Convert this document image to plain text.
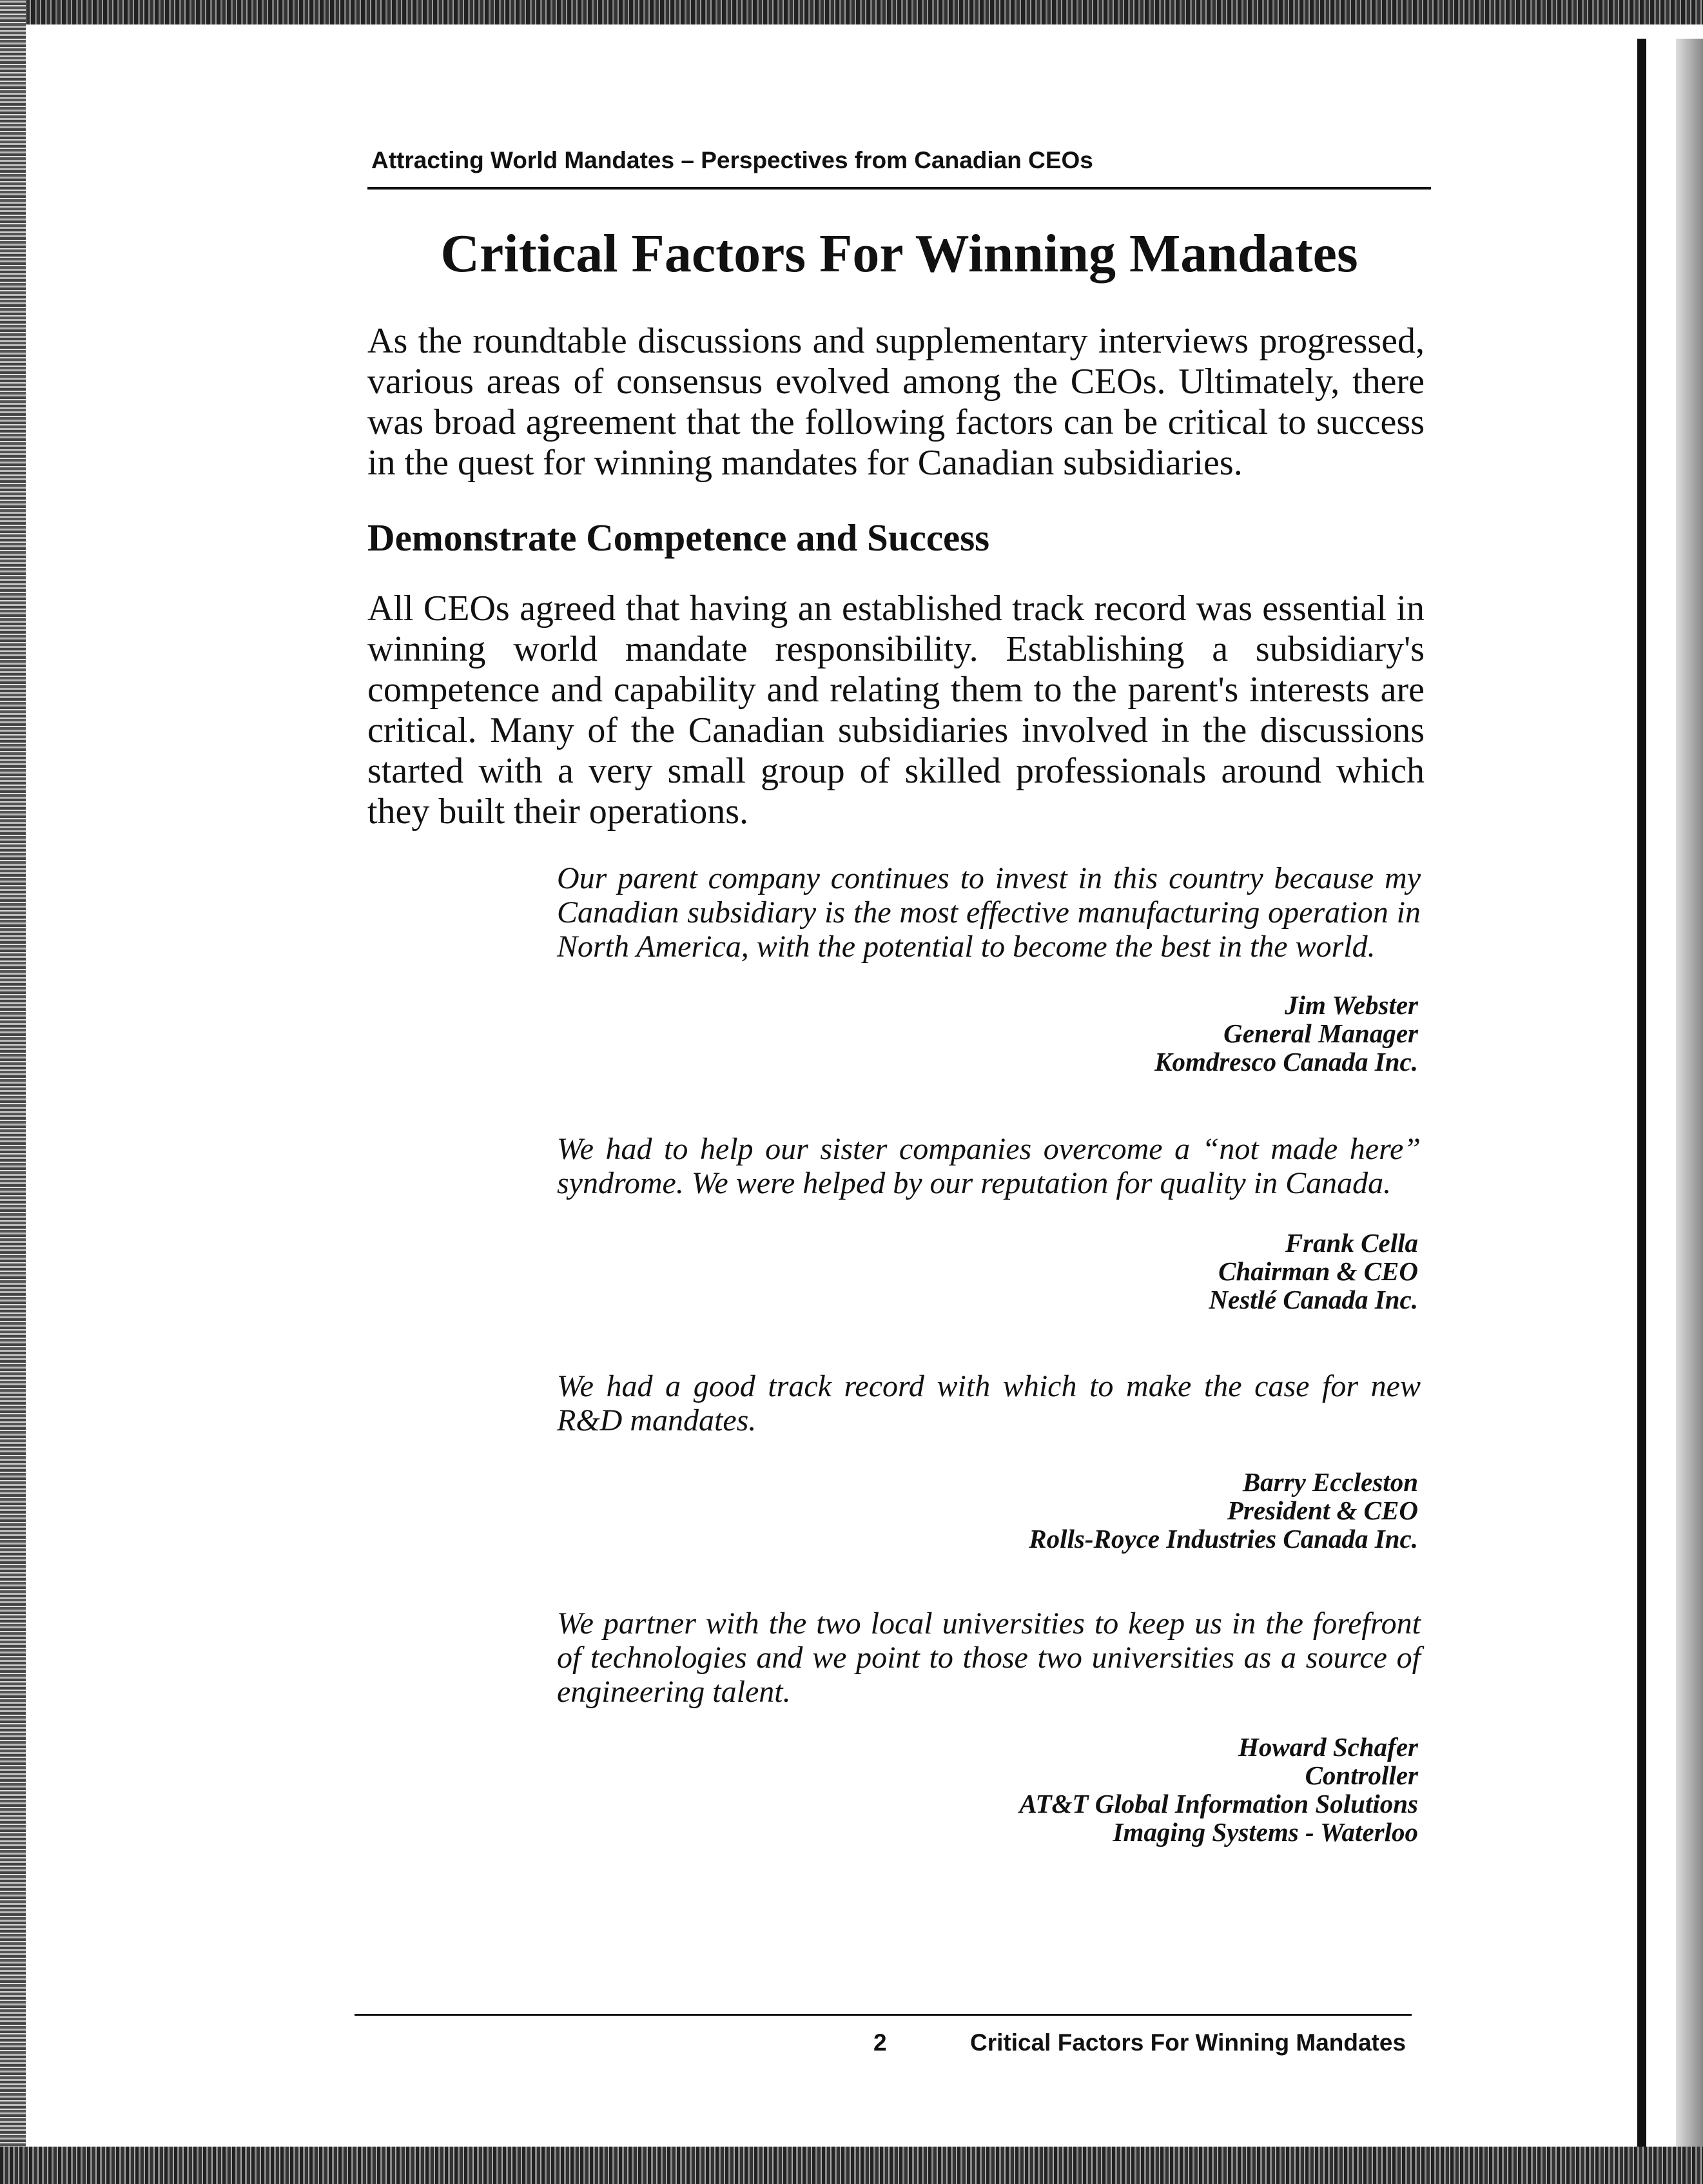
Attracting World Mandates – Perspectives from Canadian CEOs
Critical Factors For Winning Mandates
As the roundtable discussions and supplementary interviews progressed, various areas of consensus evolved among the CEOs. Ultimately, there was broad agreement that the following factors can be critical to success in the quest for winning mandates for Canadian subsidiaries.
Demonstrate Competence and Success
All CEOs agreed that having an established track record was essential in winning world mandate responsibility. Establishing a subsidiary's competence and capability and relating them to the parent's interests are critical. Many of the Canadian subsidiaries involved in the discussions started with a very small group of skilled professionals around which they built their operations.
Our parent company continues to invest in this country because my Canadian subsidiary is the most effective manufacturing operation in North America, with the potential to become the best in the world.
Jim Webster
General Manager
Komdresco Canada Inc.
We had to help our sister companies overcome a “not made here” syndrome. We were helped by our reputation for quality in Canada.
Frank Cella
Chairman & CEO
Nestlé Canada Inc.
We had a good track record with which to make the case for new R&D mandates.
Barry Eccleston
President & CEO
Rolls-Royce Industries Canada Inc.
We partner with the two local universities to keep us in the forefront of technologies and we point to those two universities as a source of engineering talent.
Howard Schafer
Controller
AT&T Global Information Solutions
Imaging Systems - Waterloo
2	Critical Factors For Winning Mandates
